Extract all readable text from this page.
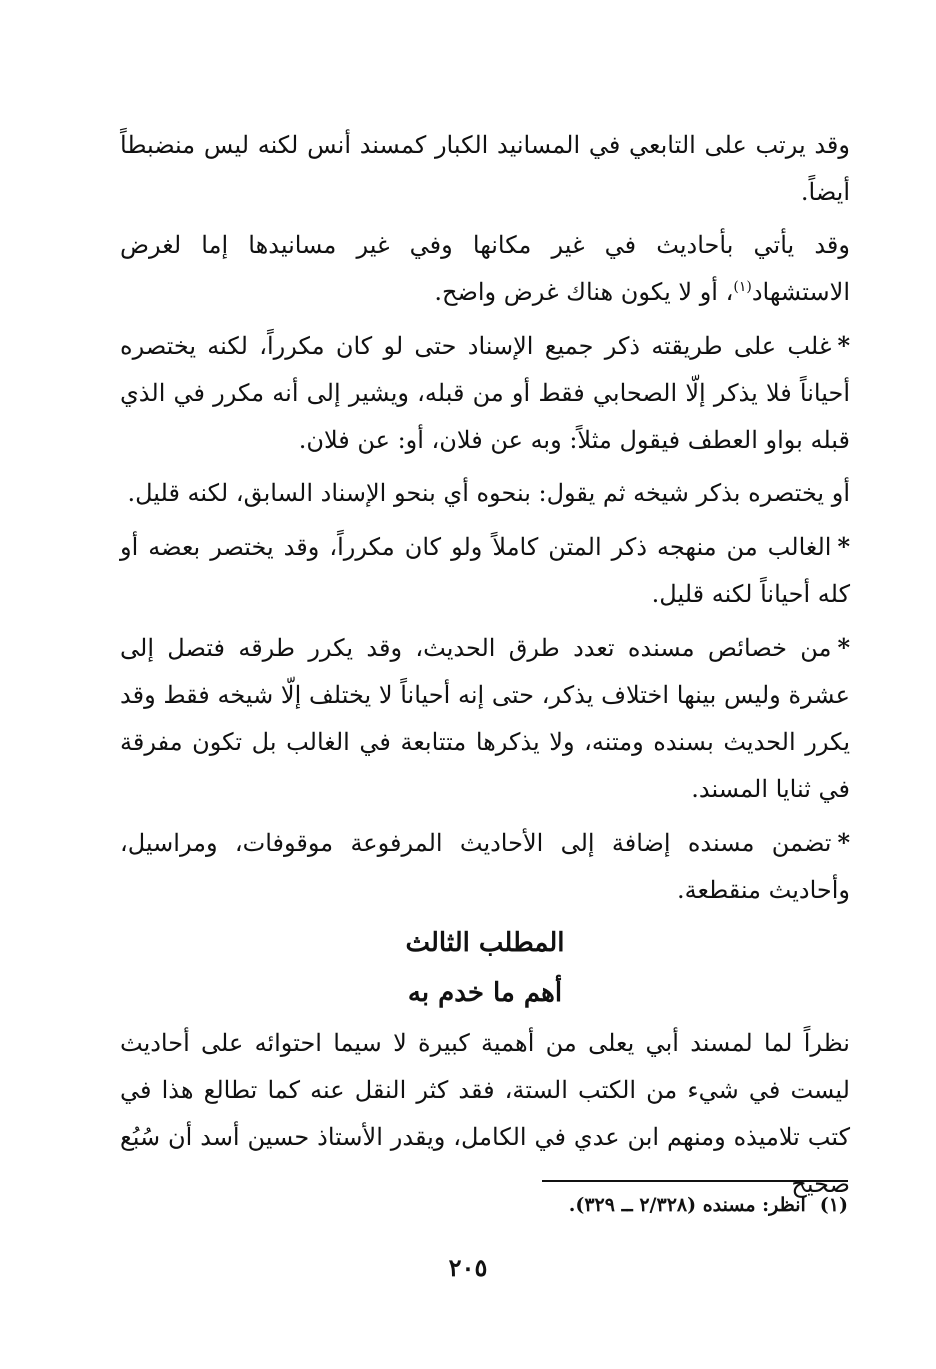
وقد يرتب على التابعي في المسانيد الكبار كمسند أنس لكنه ليس منضبطاً أيضاً.

وقد يأتي بأحاديث في غير مكانها وفي غير مسانيدها إما لغرض الاستشهاد$^{(١)}$، أو لا يكون هناك غرض واضح.

*غلب على طريقته ذكر جميع الإسناد حتى لو كان مكرراً، لكنه يختصره أحياناً فلا يذكر إلّا الصحابي فقط أو من قبله، ويشير إلى أنه مكرر في الذي قبله بواو العطف فيقول مثلاً: وبه عن فلان، أو: عن فلان.

أو يختصره بذكر شيخه ثم يقول: بنحوه أي بنحو الإسناد السابق، لكنه قليل.

*الغالب من منهجه ذكر المتن كاملاً ولو كان مكرراً، وقد يختصر بعضه أو كله أحياناً لكنه قليل.

*من خصائص مسنده تعدد طرق الحديث، وقد يكرر طرقه فتصل إلى عشرة وليس بينها اختلاف يذكر، حتى إنه أحياناً لا يختلف إلّا شيخه فقط وقد يكرر الحديث بسنده ومتنه، ولا يذكرها متتابعة في الغالب بل تكون مفرقة في ثنايا المسند.

*تضمن مسنده إضافة إلى الأحاديث المرفوعة موقوفات، ومراسيل، وأحاديث منقطعة.

المطلب الثالث
أهم ما خدم به

نظراً لما لمسند أبي يعلى من أهمية كبيرة لا سيما احتوائه على أحاديث ليست في شيء من الكتب الستة، فقد كثر النقل عنه كما تطالع هذا في كتب تلاميذه ومنهم ابن عدي في الكامل، ويقدر الأستاذ حسين أسد أن سُبُع صحيح

(١)انظر: مسنده (٢/٣٢٨ ــ ٣٢٩).
٢٠٥
